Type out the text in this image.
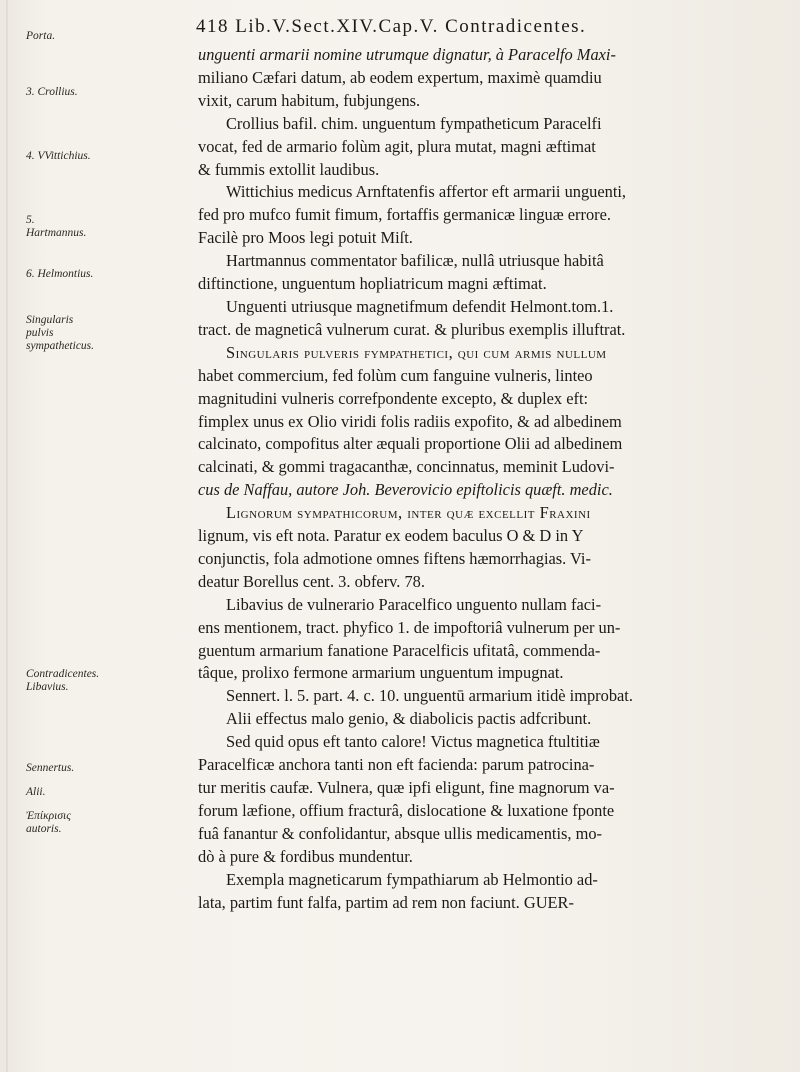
418 Lib.V.Sect.XIV.Cap.V. Contradicentes.
Porta.
3. Crollius.
4. VVittichius.
5. Hartmannus.
6. Helmontius.
Singularis pulvis sympatheticus.
Contradicentes. Libavius.
Sennertus.
Alii.
Ἐπίκρισις autoris.
unguenti armarii nomine utrumque dignatur, à Paracelfo Maxi-
miliano Cæfari datum, ab eodem expertum, maximè quamdiu
vixit, carum habitum, fubjungens.
Crollius bafil. chim. unguentum fympatheticum Paracelfi
vocat, fed de armario folùm agit, plura mutat, magni æftimat
& fummis extollit laudibus.
Wittichius medicus Arnftatenfis affertor eft armarii unguenti,
fed pro mufco fumit fimum, fortaffis germanicæ linguæ errore.
Facilè pro Moos legi potuit Miſt.
Hartmannus commentator bafilicæ, nullâ utriusque habitâ
diftinctione, unguentum hopliatricum magni æftimat.
Unguenti utriusque magnetifmum defendit Helmont.tom.1.
tract. de magneticâ vulnerum curat. & pluribus exemplis illuftrat.
Singularis pulveris fympathetici, qui cum armis nullum
habet commercium, fed folùm cum fanguine vulneris, linteo
magnitudini vulneris correfpondente excepto, & duplex eft:
fimplex unus ex Olio viridi folis radiis expofito, & ad albedinem
calcinato, compofitus alter æquali proportione Olii ad albedinem
calcinati, & gommi tragacanthæ, concinnatus, meminit Ludovi-
cus de Naffau, autore Joh. Beverovicio epiftolicis quæft. medic.
Lignorum sympathicorum, inter quæ excellit Fraxini
lignum, vis eft nota. Paratur ex eodem baculus O & D in Y
conjunctis, fola admotione omnes fiftens hæmorrhagias. Vi-
deatur Borellus cent. 3. obferv. 78.
Libavius de vulnerario Paracelfico unguento nullam faci-
ens mentionem, tract. phyfico 1. de impoftoriâ vulnerum per un-
guentum armarium fanatione Paracelficis ufitatâ, commenda-
tâque, prolixo fermone armarium unguentum impugnat.
Sennert. l. 5. part. 4. c. 10. unguentū armarium itidè improbat.
Alii effectus malo genio, & diabolicis pactis adfcribunt.
Sed quid opus eft tanto calore! Victus magnetica ftultitiæ
Paracelficæ anchora tanti non eft facienda: parum patrocina-
tur meritis caufæ. Vulnera, quæ ipfi eligunt, fine magnorum va-
forum læfione, offium fracturâ, dislocatione & luxatione fponte
fuâ fanantur & confolidantur, absque ullis medicamentis, mo-
dò à pure & fordibus mundentur.
Exempla magneticarum fympathiarum ab Helmontio ad-
lata, partim funt falfa, partim ad rem non faciunt. GUER-
